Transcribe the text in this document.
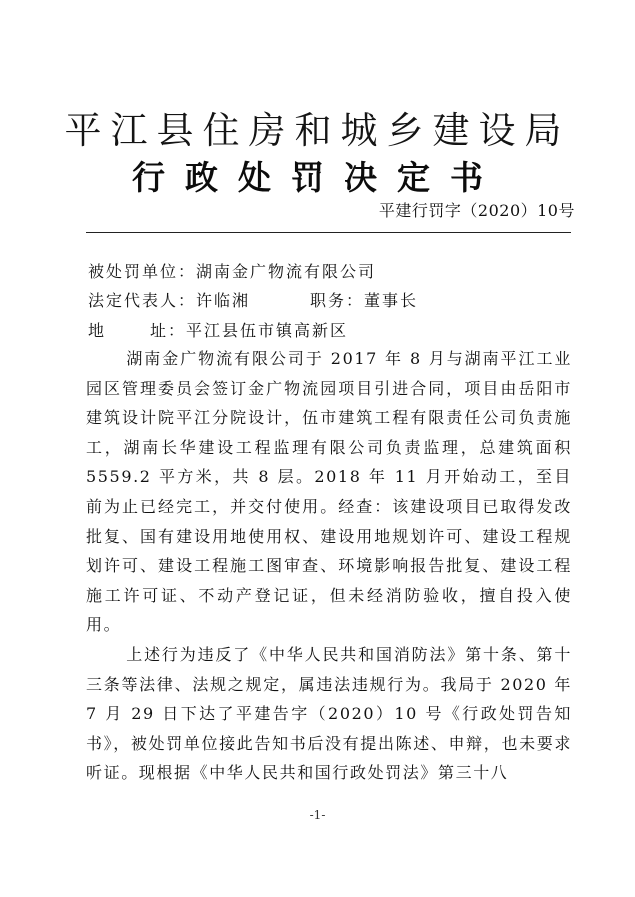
平江县住房和城乡建设局
行政处罚决定书
平建行罚字（2020）10号
被处罚单位：湖南金广物流有限公司
法定代表人：许临湘	职务：董事长
地址：平江县伍市镇高新区

湖南金广物流有限公司于 2017 年 8 月与湖南平江工业园区管理委员会签订金广物流园项目引进合同，项目由岳阳市建筑设计院平江分院设计，伍市建筑工程有限责任公司负责施工，湖南长华建设工程监理有限公司负责监理，总建筑面积 5559.2 平方米，共 8 层。2018 年 11 月开始动工，至目前为止已经完工，并交付使用。经查：该建设项目已取得发改批复、国有建设用地使用权、建设用地规划许可、建设工程规划许可、建设工程施工图审查、环境影响报告批复、建设工程施工许可证、不动产登记证，但未经消防验收，擅自投入使用。

上述行为违反了《中华人民共和国消防法》第十条、第十三条等法律、法规之规定，属违法违规行为。我局于 2020 年 7 月 29 日下达了平建告字（2020）10 号《行政处罚告知书》，被处罚单位接此告知书后没有提出陈述、申辩，也未要求听证。现根据《中华人民共和国行政处罚法》第三十八

-1-
